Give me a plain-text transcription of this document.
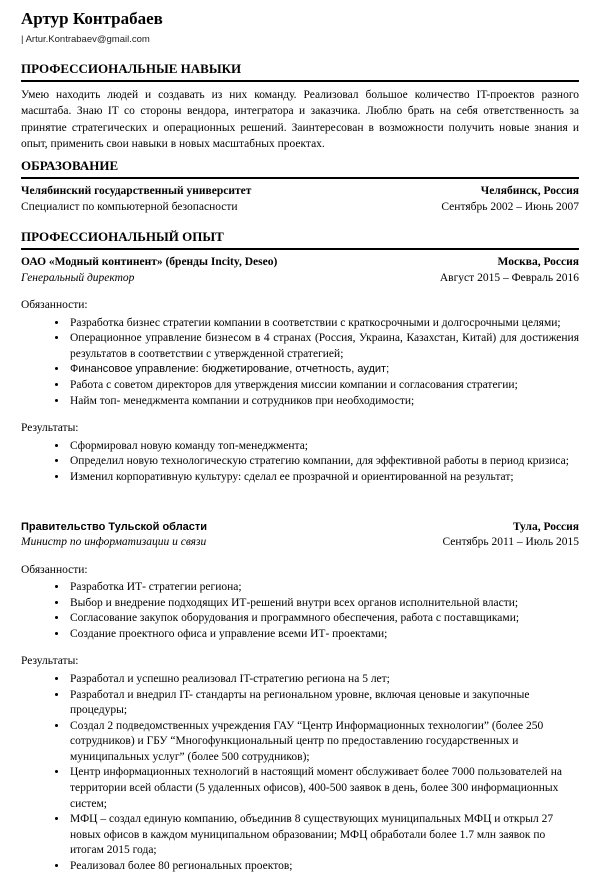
Артур Контрабаев

| Artur.Kontrabaev@gmail.com

ПРОФЕССИОНАЛЬНЫЕ НАВЫКИ

Умею находить людей и создавать из них команду. Реализовал большое количество IT-проектов разного масштаба. Знаю IT со стороны вендора, интегратора и заказчика. Люблю брать на себя ответственность за принятие стратегических и операционных решений. Заинтересован в возможности получить новые знания и опыт, применить свои навыки в новых масштабных проектах.

ОБРАЗОВАНИЕ
Челябинский государственный университет	Челябинск, Россия
Специалист по компьютерной безопасности	Сентябрь 2002 – Июнь 2007
ПРОФЕССИОНАЛЬНЫЙ ОПЫТ
ОАО «Модный континент» (бренды Incity, Deseo)	Москва, Россия
Генеральный директор	Август 2015 – Февраль 2016

Обязанности:

• Разработка бизнес стратегии компании в соответствии с краткосрочными и долгосрочными целями;
• Операционное управление бизнесом в 4 странах (Россия, Украина, Казахстан, Китай) для достижения результатов в соответствии с утвержденной стратегией;
• Финансовое управление: бюджетирование, отчетность, аудит;
• Работа с советом директоров для утверждения миссии компании и согласования стратегии;
• Найм топ- менеджмента компании и сотрудников при необходимости;

Результаты:

• Сформировал новую команду топ-менеджмента;
• Определил новую технологическую стратегию компании, для эффективной работы в период кризиса;
• Изменил корпоративную культуру: сделал ее прозрачной и ориентированной на результат;
Правительство Тульской области	Тула, Россия
Министр по информатизации и связи	Сентябрь 2011 – Июль 2015

Обязанности:

• Разработка ИТ- стратегии региона;
• Выбор и внедрение подходящих ИТ-решений внутри всех органов исполнительной власти;
• Согласование закупок оборудования и программного обеспечения, работа с поставщиками;
• Создание проектного офиса и управление всеми ИТ- проектами;

Результаты:

• Разработал и успешно реализовал IT-стратегию региона на 5 лет;
• Разработал и внедрил IT- стандарты на региональном уровне, включая ценовые и закупочные процедуры;
• Создал 2 подведомственных учреждения ГАУ “Центр Информационных технологии” (более 250 сотрудников) и ГБУ “Многофункциональный центр по предоставлению государственных и муниципальных услуг” (более 500 сотрудников);
• Центр информационных технологий в настоящий момент обслуживает более 7000 пользователей на территории всей области (5 удаленных офисов), 400-500 заявок в день, более 300 информационных систем;
• МФЦ – создал единую компанию, объединив 8 существующих муниципальных МФЦ и открыл 27 новых офисов в каждом муниципальном образовании; МФЦ обработали более 1.7 млн заявок по итогам 2015 года;
• Реализовал более 80 региональных проектов;
